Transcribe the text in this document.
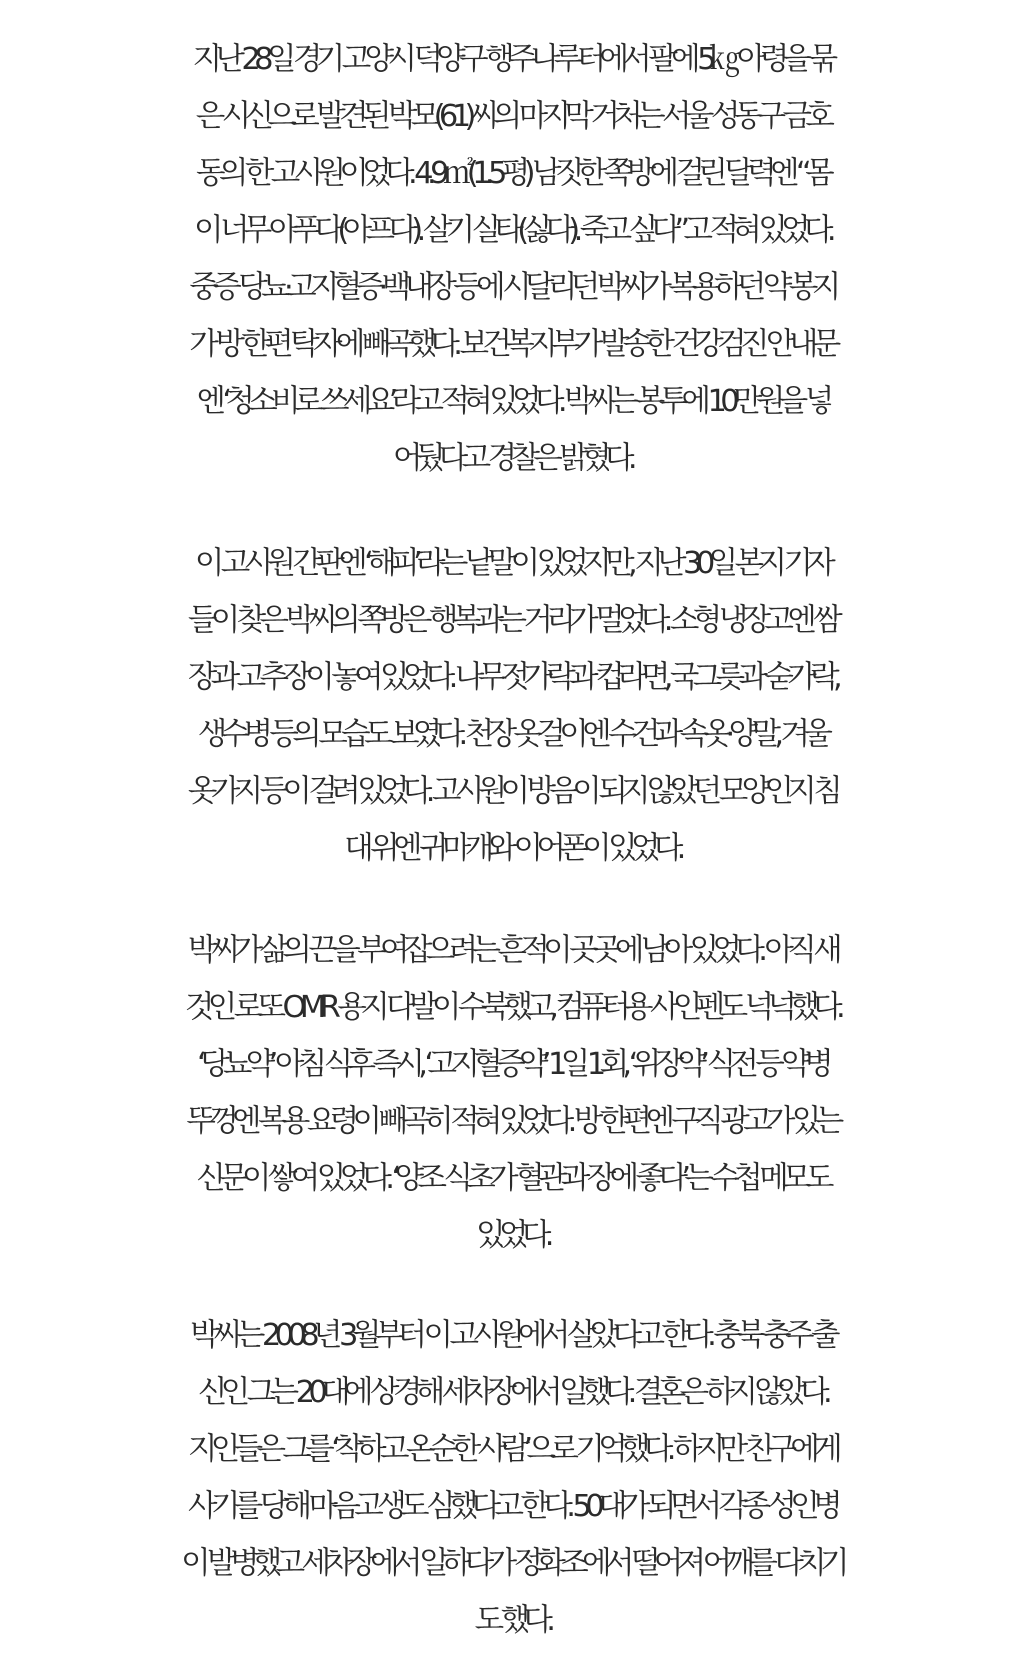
지난 28일 경기 고양시 덕양구 행주나루터에서 팔에 5㎏ 아령을 묶
은 시신으로 발견된 박모(61)씨의 마지막 거처는 서울 성동구 금호
동의 한 고시원이었다. 4.9㎡(1.5평) 남짓한 쪽방에 걸린 달력엔 “몸
이 너무 아푸다(아프다). 살기 실타(싫다). 죽고 싶다”고 적혀 있었다.
중증 당뇨·고지혈증·백내장 등에 시달리던 박씨가 복용하던 약 봉지
가 방 한편 탁자에 빼곡했다. 보건복지부가 발송한 건강검진 안내문
엔 ‘청소비로 쓰세요’라고 적혀 있었다. 박씨는 봉투에 10만원을 넣
어뒀다고 경찰은 밝혔다.
이 고시원 간판엔 ‘해피’라는 낱말이 있었지만, 지난 30일 본지 기자
들이 찾은 박씨의 쪽방은 행복과는 거리가 멀었다. 소형 냉장고엔 쌈
장과 고추장이 놓여 있었다. 나무젓가락과 컵라면, 국그릇과 숟가락,
생수병 등의 모습도 보였다. 천장 옷걸이엔 수건과 속옷·양말, 겨울
옷가지 등이 걸려 있었다. 고시원이 방음이 되지 않았던 모양인지 침
대 위엔 귀마개와 이어폰이 있었다.
박씨가 삶의 끈을 부여잡으려는 흔적이 곳곳에 남아 있었다. 아직 새
것인 로또 OMR 용지 다발이 수북했고, 컴퓨터용 사인펜도 넉넉했다.
‘당뇨약’ 아침 식후 즉시, ‘고지혈증약’ 1일 1회, ‘위장약’ 식전 등 약병
뚜껑엔 복용 요령이 빼곡히 적혀 있었다. 방 한편엔 구직 광고가 있는
신문이 쌓여 있었다. ‘양조 식초가 혈관과 장에 좋다’는 수첩 메모도
있었다.
박씨는 2008년 3월부터 이 고시원에서 살았다고 한다. 충북 충주 출
신인 그는 20대에 상경해 세차장에서 일했다. 결혼은 하지 않았다.
지인들은 그를 ‘착하고 온순한 사람’으로 기억했다. 하지만 친구에게
사기를 당해 마음고생도 심했다고 한다. 50대가 되면서 각종 성인병
이 발병했고 세차장에서 일하다가 정화조에서 떨어져 어깨를 다치기
도 했다.
